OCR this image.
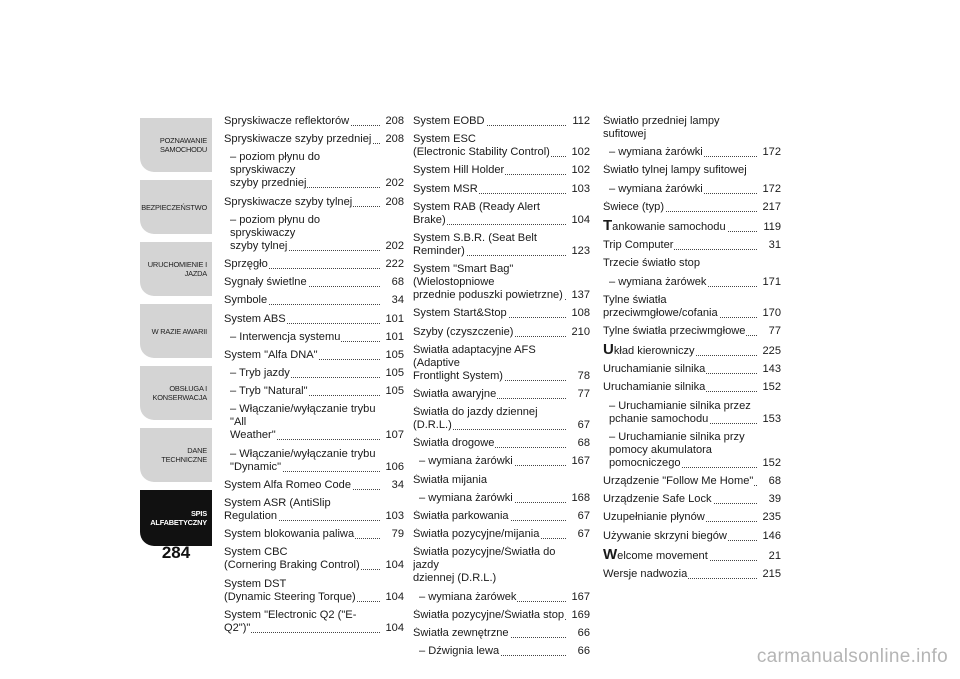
POZNAWANIE
SAMOCHODU
BEZPIECZEŃSTWO
URUCHOMIENIE I
JAZDA
W RAZIE AWARII
OBSŁUGA I
KONSERWACJA
DANE TECHNICZNE
SPIS
ALFABETYCZNY
284
Spryskiwacze reflektorów	208
Spryskiwacze szyby przedniej	208
– poziom płynu do spryskiwaczy
szyby przedniej	202
Spryskiwacze szyby tylnej	208
– poziom płynu do spryskiwaczy
szyby tylnej	202
Sprzęgło	222
Sygnały świetlne	68
Symbole	34
System ABS	101
– Interwencja systemu	101
System "Alfa DNA"	105
– Tryb jazdy	105
– Tryb "Natural"	105
– Włączanie/wyłączanie trybu "All
Weather"	107
– Włączanie/wyłączanie trybu
"Dynamic"	106
System Alfa Romeo Code	34
System ASR (AntiSlip Regulation	103
System blokowania paliwa	79
System CBC
(Cornering Braking Control)	104
System DST
(Dynamic Steering Torque)	104
System "Electronic Q2 ("E-Q2")"	104
System EOBD	112
System ESC
(Electronic Stability Control)	102
System Hill Holder	102
System MSR	103
System RAB (Ready Alert Brake)	104
System S.B.R. (Seat Belt Reminder)	123
System "Smart Bag" (Wielostopniowe
przednie poduszki powietrzne) 137
System Start&Stop	108
Szyby (czyszczenie)	210
Światła adaptacyjne AFS (Adaptive
Frontlight System)	78
Światła awaryjne	77
Światła do jazdy dziennej (D.R.L.)	67
Światła drogowe	68
– wymiana żarówki	167
Światła mijania
– wymiana żarówki	168
Światła parkowania	67
Światła pozycyjne/mijania	67
Światła pozycyjne/Światła do jazdy
dziennej (D.R.L.)
– wymiana żarówek	167
Światła pozycyjne/Światła stop 169
Światła zewnętrzne	66
– Dźwignia lewa	66
Światło przedniej lampy sufitowej
– wymiana żarówki	172
Światło tylnej lampy sufitowej
– wymiana żarówki	172
Świece (typ)	217
Tankowanie samochodu	119
Trip Computer	31
Trzecie światło stop
– wymiana żarówek	171
Tylne światła przeciwmgłowe/cofania	170
Tylne światła przeciwmgłowe	77
Układ kierowniczy	225
Uruchamianie silnika	143
Uruchamianie silnika	152
– Uruchamianie silnika przez
pchanie samochodu	153
– Uruchamianie silnika przy
pomocy akumulatora
pomocniczego	152
Urządzenie "Follow Me Home"	68
Urządzenie Safe Lock	39
Uzupełnianie płynów	235
Używanie skrzyni biegów	146
Welcome movement	21
Wersje nadwozia	215
carmanualsonline.info
